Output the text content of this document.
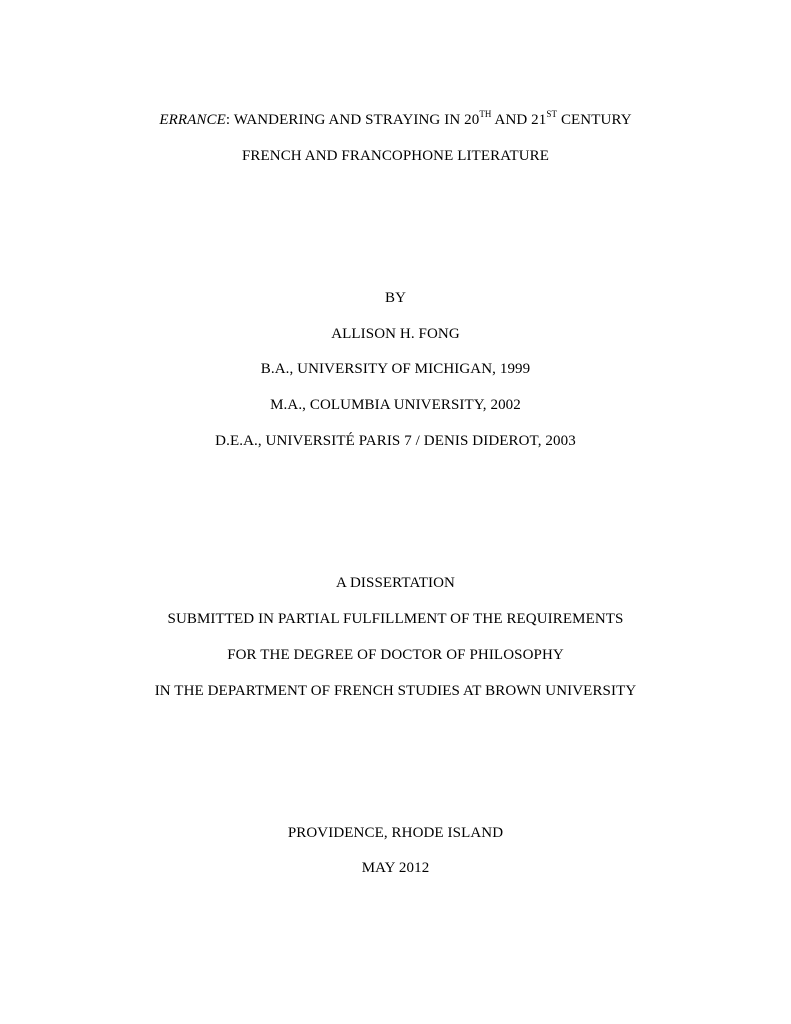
ERRANCE: WANDERING AND STRAYING IN 20TH AND 21ST CENTURY
FRENCH AND FRANCOPHONE LITERATURE
BY
ALLISON H. FONG
B.A., UNIVERSITY OF MICHIGAN, 1999
M.A., COLUMBIA UNIVERSITY, 2002
D.E.A., UNIVERSITÉ PARIS 7 / DENIS DIDEROT, 2003
A DISSERTATION
SUBMITTED IN PARTIAL FULFILLMENT OF THE REQUIREMENTS
FOR THE DEGREE OF DOCTOR OF PHILOSOPHY
IN THE DEPARTMENT OF FRENCH STUDIES AT BROWN UNIVERSITY
PROVIDENCE, RHODE ISLAND
MAY 2012
